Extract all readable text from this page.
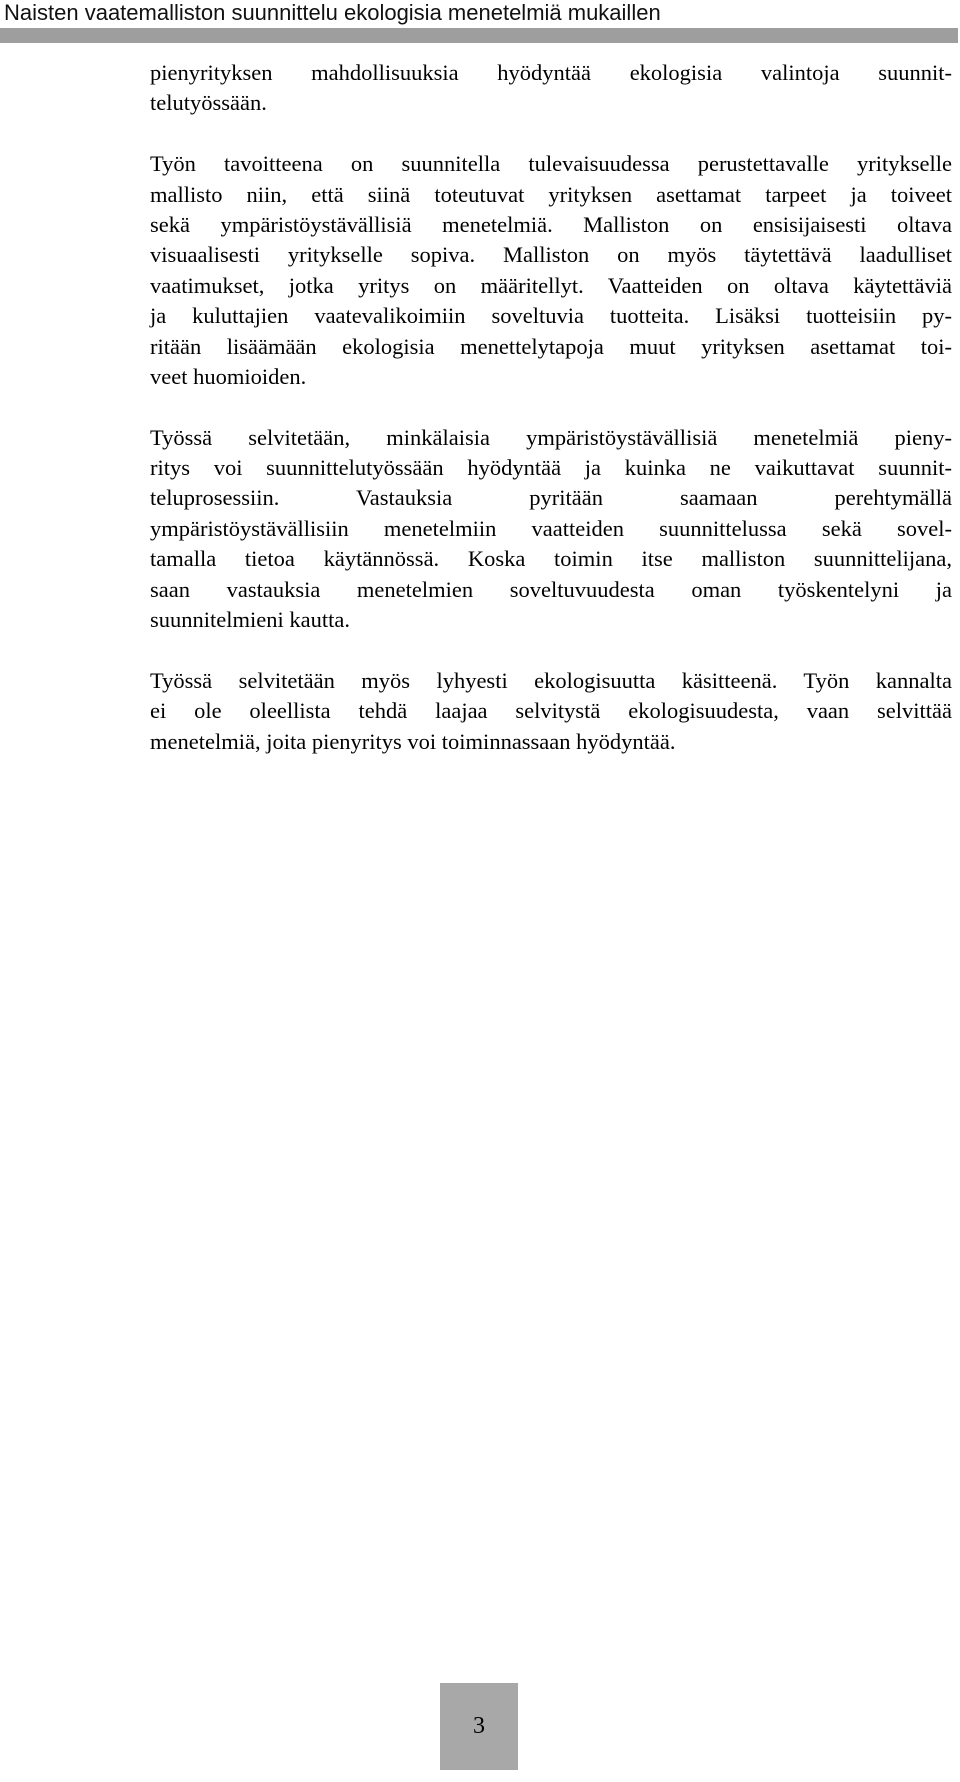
Naisten vaatemalliston suunnittelu ekologisia menetelmiä mukaillen
pienyrityksen mahdollisuuksia hyödyntää ekologisia valintoja suunnit-
telutyössään.
Työn tavoitteena on suunnitella tulevaisuudessa perustettavalle yritykselle
mallisto niin, että siinä toteutuvat yrityksen asettamat tarpeet ja toiveet
sekä ympäristöystävällisiä menetelmiä. Malliston on ensisijaisesti oltava
visuaalisesti yritykselle sopiva. Malliston on myös täytettävä laadulliset
vaatimukset, jotka yritys on määritellyt. Vaatteiden on oltava käytettäviä
ja kuluttajien vaatevalikoimiin soveltuvia tuotteita. Lisäksi tuotteisiin py-
ritään lisäämään ekologisia menettelytapoja muut yrityksen asettamat toi-
veet huomioiden.
Työssä selvitetään, minkälaisia ympäristöystävällisiä menetelmiä pieny-
ritys voi suunnittelutyössään hyödyntää ja kuinka ne vaikuttavat suunnit-
teluprosessiin. Vastauksia pyritään saamaan perehtymällä
ympäristöystävällisiin menetelmiin vaatteiden suunnittelussa sekä sovel-
tamalla tietoa käytännössä. Koska toimin itse malliston suunnittelijana,
saan vastauksia menetelmien soveltuvuudesta oman työskentelyni ja
suunnitelmieni kautta.
Työssä selvitetään myös lyhyesti ekologisuutta käsitteenä. Työn kannalta
ei ole oleellista tehdä laajaa selvitystä ekologisuudesta, vaan selvittää
menetelmiä, joita pienyritys voi toiminnassaan hyödyntää.
3
